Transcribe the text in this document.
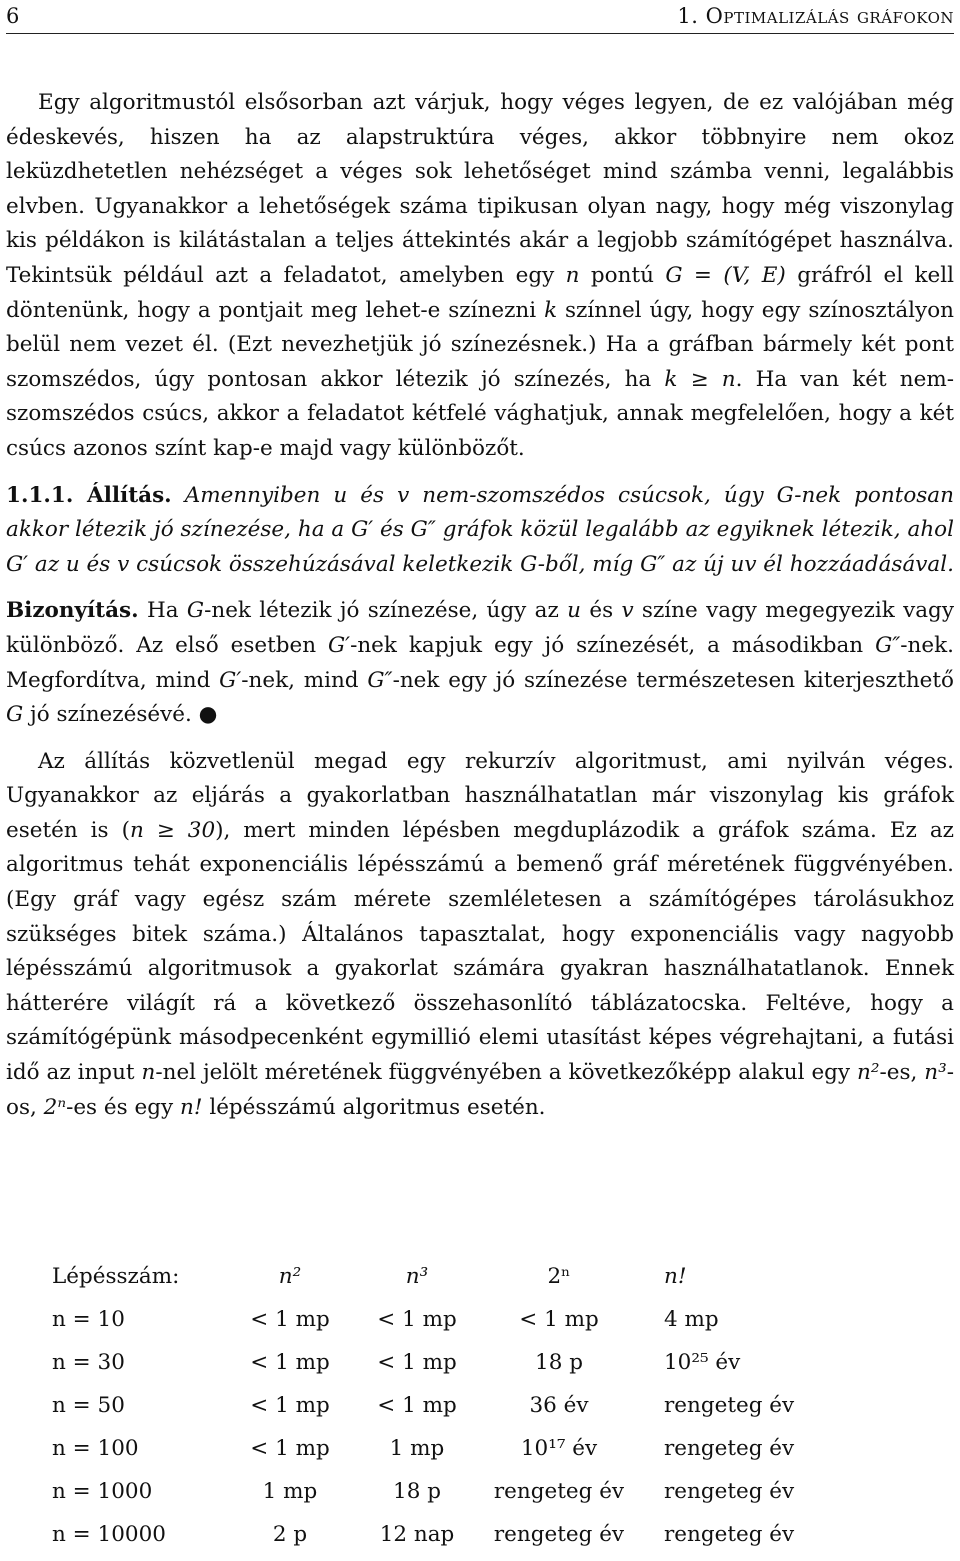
6	1. Optimalizálás gráfokon

Egy algoritmustól elsősorban azt várjuk, hogy véges legyen, de ez valójában még édeskevés, hiszen ha az alapstruktúra véges, akkor többnyire nem okoz leküzdhetetlen nehézséget a véges sok lehetőséget mind számba venni, legalábbis elvben. Ugyanakkor a lehetőségek száma tipikusan olyan nagy, hogy még viszonylag kis példákon is kilátástalan a teljes áttekintés akár a legjobb számítógépet használva. Tekintsük például azt a feladatot, amelyben egy n pontú G = (V, E) gráfról el kell döntenünk, hogy a pontjait meg lehet-e színezni k színnel úgy, hogy egy színosztályon belül nem vezet él. (Ezt nevezhetjük jó színezésnek.) Ha a gráfban bármely két pont szomszédos, úgy pontosan akkor létezik jó színezés, ha k ≥ n. Ha van két nem-szomszédos csúcs, akkor a feladatot kétfelé vághatjuk, annak megfelelően, hogy a két csúcs azonos színt kap-e majd vagy különbözőt.

1.1.1. Állítás. Amennyiben u és v nem-szomszédos csúcsok, úgy G-nek pontosan akkor létezik jó színezése, ha a G′ és G″ gráfok közül legalább az egyiknek létezik, ahol G′ az u és v csúcsok összehúzásával keletkezik G-ből, míg G″ az új uv él hozzáadásával.

Bizonyítás. Ha G-nek létezik jó színezése, úgy az u és v színe vagy megegyezik vagy különböző. Az első esetben G′-nek kapjuk egy jó színezését, a másodikban G″-nek. Megfordítva, mind G′-nek, mind G″-nek egy jó színezése természetesen kiterjeszthető G jó színezésévé. ●

Az állítás közvetlenül megad egy rekurzív algoritmust, ami nyilván véges. Ugyanakkor az eljárás a gyakorlatban használhatatlan már viszonylag kis gráfok esetén is (n ≥ 30), mert minden lépésben megduplázodik a gráfok száma. Ez az algoritmus tehát exponenciális lépésszámú a bemenő gráf méretének függvényében. (Egy gráf vagy egész szám mérete szemléletesen a számítógépes tárolásukhoz szükséges bitek száma.) Általános tapasztalat, hogy exponenciális vagy nagyobb lépésszámú algoritmusok a gyakorlat számára gyakran használhatatlanok. Ennek hátterére világít rá a következő összehasonlító táblázatocska. Feltéve, hogy a számítógépünk másodpecenként egymillió elemi utasítást képes végrehajtani, a futási idő az input n-nel jelölt méretének függvényében a következőképp alakul egy n²-es, n³-os, 2ⁿ-es és egy n! lépésszámú algoritmus esetén.

Lépésszám:	n²	n³	2ⁿ	n!
n = 10	< 1 mp	< 1 mp	< 1 mp	4 mp
n = 30	< 1 mp	< 1 mp	18 p	10²⁵ év
n = 50	< 1 mp	< 1 mp	36 év	rengeteg év
n = 100	< 1 mp	1 mp	10¹⁷ év	rengeteg év
n = 1000	1 mp	18 p	rengeteg év	rengeteg év
n = 10000	2 p	12 nap	rengeteg év	rengeteg év
